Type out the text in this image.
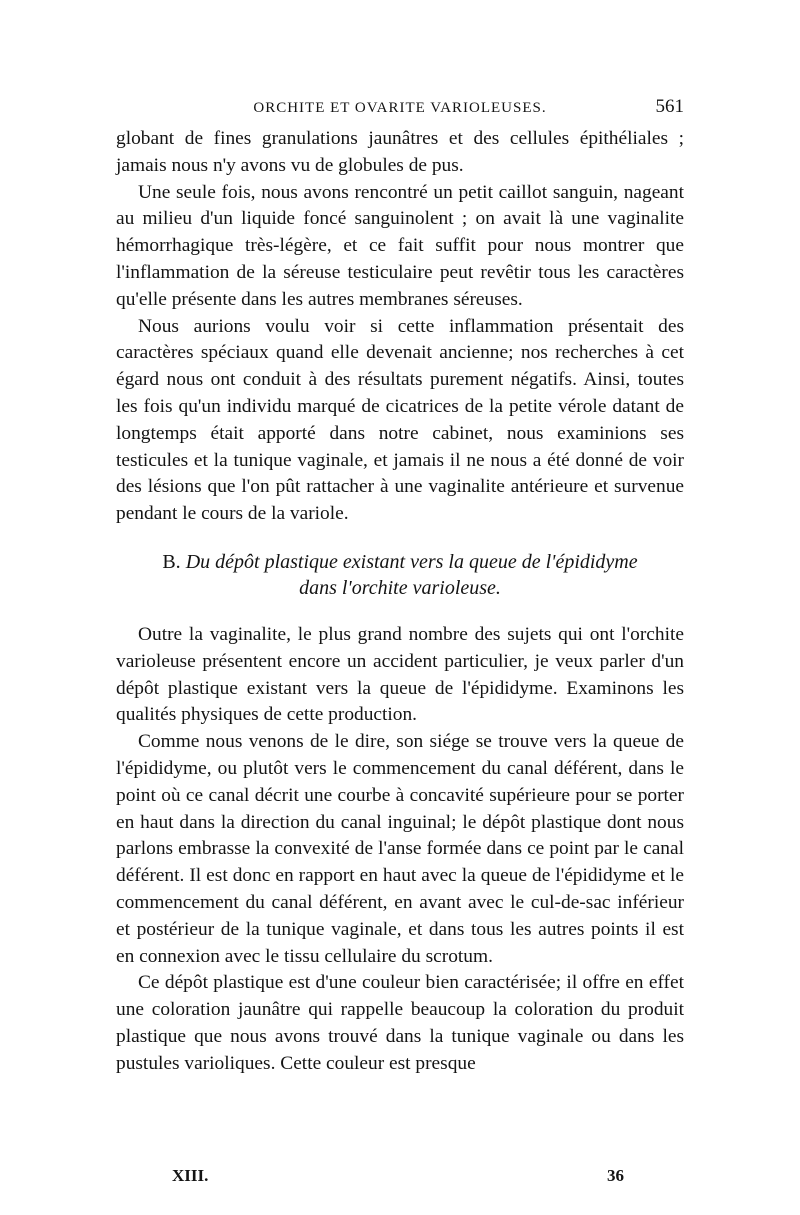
ORCHITE ET OVARITE VARIOLEUSES.	561

globant de fines granulations jaunâtres et des cellules épithéliales ; jamais nous n'y avons vu de globules de pus.

Une seule fois, nous avons rencontré un petit caillot sanguin, nageant au milieu d'un liquide foncé sanguinolent ; on avait là une vaginalite hémorrhagique très-légère, et ce fait suffit pour nous montrer que l'inflammation de la séreuse testiculaire peut revêtir tous les caractères qu'elle présente dans les autres membranes séreuses.

Nous aurions voulu voir si cette inflammation présentait des caractères spéciaux quand elle devenait ancienne; nos recherches à cet égard nous ont conduit à des résultats purement négatifs. Ainsi, toutes les fois qu'un individu marqué de cicatrices de la petite vérole datant de longtemps était apporté dans notre cabinet, nous examinions ses testicules et la tunique vaginale, et jamais il ne nous a été donné de voir des lésions que l'on pût rattacher à une vaginalite antérieure et survenue pendant le cours de la variole.

B. Du dépôt plastique existant vers la queue de l'épididyme
dans l'orchite varioleuse.

Outre la vaginalite, le plus grand nombre des sujets qui ont l'orchite varioleuse présentent encore un accident particulier, je veux parler d'un dépôt plastique existant vers la queue de l'épididyme. Examinons les qualités physiques de cette production.

Comme nous venons de le dire, son siége se trouve vers la queue de l'épididyme, ou plutôt vers le commencement du canal déférent, dans le point où ce canal décrit une courbe à concavité supérieure pour se porter en haut dans la direction du canal inguinal; le dépôt plastique dont nous parlons embrasse la convexité de l'anse formée dans ce point par le canal déférent. Il est donc en rapport en haut avec la queue de l'épididyme et le commencement du canal déférent, en avant avec le cul-de-sac inférieur et postérieur de la tunique vaginale, et dans tous les autres points il est en connexion avec le tissu cellulaire du scrotum.

Ce dépôt plastique est d'une couleur bien caractérisée; il offre en effet une coloration jaunâtre qui rappelle beaucoup la coloration du produit plastique que nous avons trouvé dans la tunique vaginale ou dans les pustules varioliques. Cette couleur est presque

XIII.	36
